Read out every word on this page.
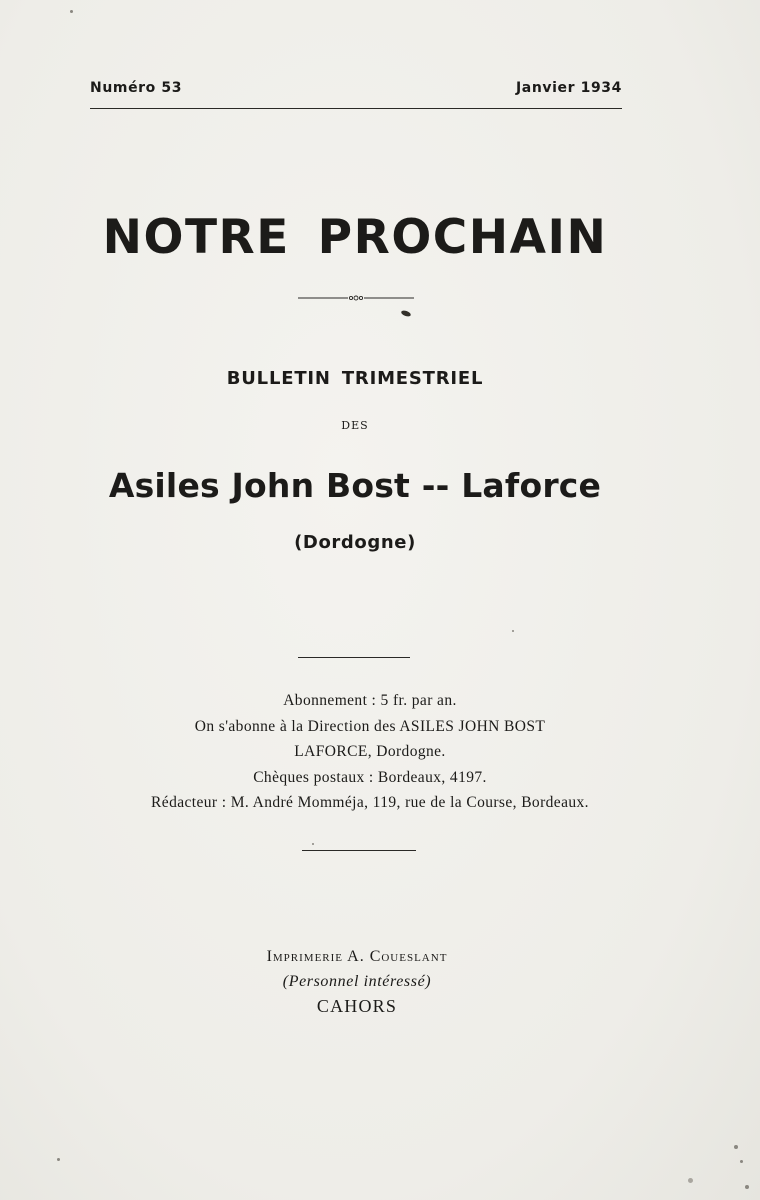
Numéro 53	Janvier 1934
NOTRE PROCHAIN
BULLETIN TRIMESTRIEL
DES
Asiles John Bost -- Laforce
(Dordogne)
Abonnement : 5 fr. par an.
On s'abonne à la Direction des ASILES JOHN BOST
LAFORCE, Dordogne.
Chèques postaux : Bordeaux, 4197.
Rédacteur : M. André Momméja, 119, rue de la Course, Bordeaux.
Imprimerie A. Coueslant
(Personnel intéressé)
CAHORS
